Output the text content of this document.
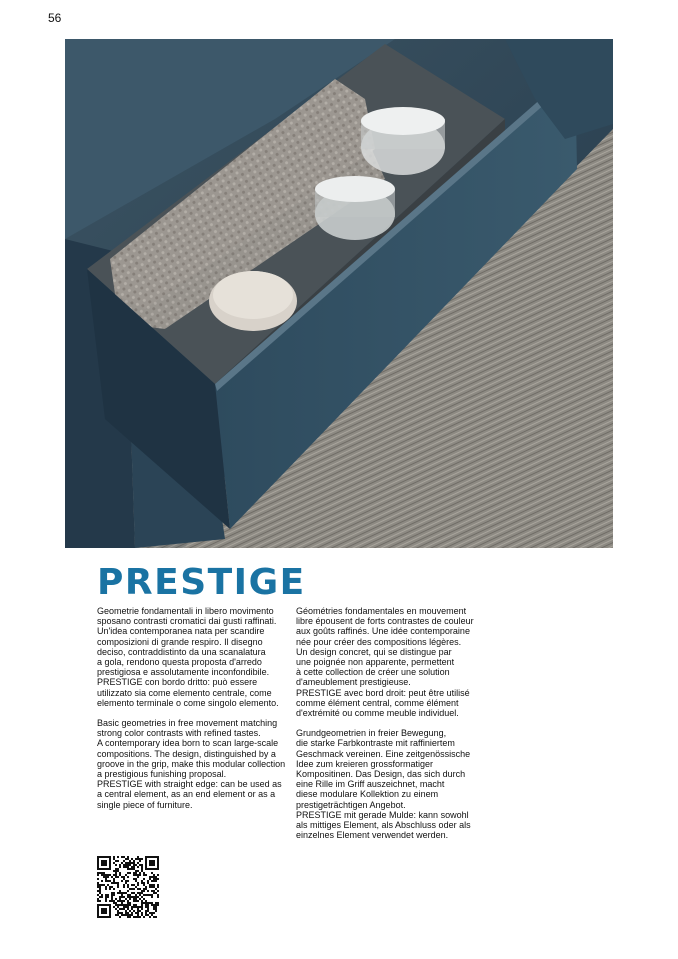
56
PRESTIGE

Geometrie fondamentali in libero movimento
sposano contrasti cromatici dai gusti raffinati.
Un'idea contemporanea nata per scandire
composizioni di grande respiro. Il disegno
deciso, contraddistinto da una scanalatura
a gola, rendono questa proposta d'arredo
prestigiosa e assolutamente inconfondibile.
PRESTIGE con bordo dritto: può essere
utilizzato sia come elemento centrale, come
elemento terminale o come singolo elemento.

Basic geometries in free movement matching
strong color contrasts with refined tastes.
A contemporary idea born to scan large-scale
compositions. The design, distinguished by a
groove in the grip, make this modular collection
a prestigious funishing proposal.
PRESTIGE with straight edge: can be used as
a central element, as an end element or as a
single piece of furniture.

Géométries fondamentales en mouvement
libre épousent de forts contrastes de couleur
aux goûts raffinés. Une idée contemporaine
née pour créer des compositions légères.
Un design concret, qui se distingue par
une poignée non apparente, permettent
à cette collection de créer une solution
d'ameublement prestigieuse.
PRESTIGE avec bord droit: peut être utilisé
comme élément central, comme élément
d'extrémité ou comme meuble individuel.

Grundgeometrien in freier Bewegung,
die starke Farbkontraste mit raffiniertem
Geschmack vereinen. Eine zeitgenössische
Idee zum kreieren grossformatiger
Kompositinen. Das Design, das sich durch
eine Rille im Griff auszeichnet, macht
diese modulare Kollektion zu einem
prestigeträchtigen Angebot.
PRESTIGE mit gerade Mulde: kann sowohl
als mittiges Element, als Abschluss oder als
einzelnes Element verwendet werden.
